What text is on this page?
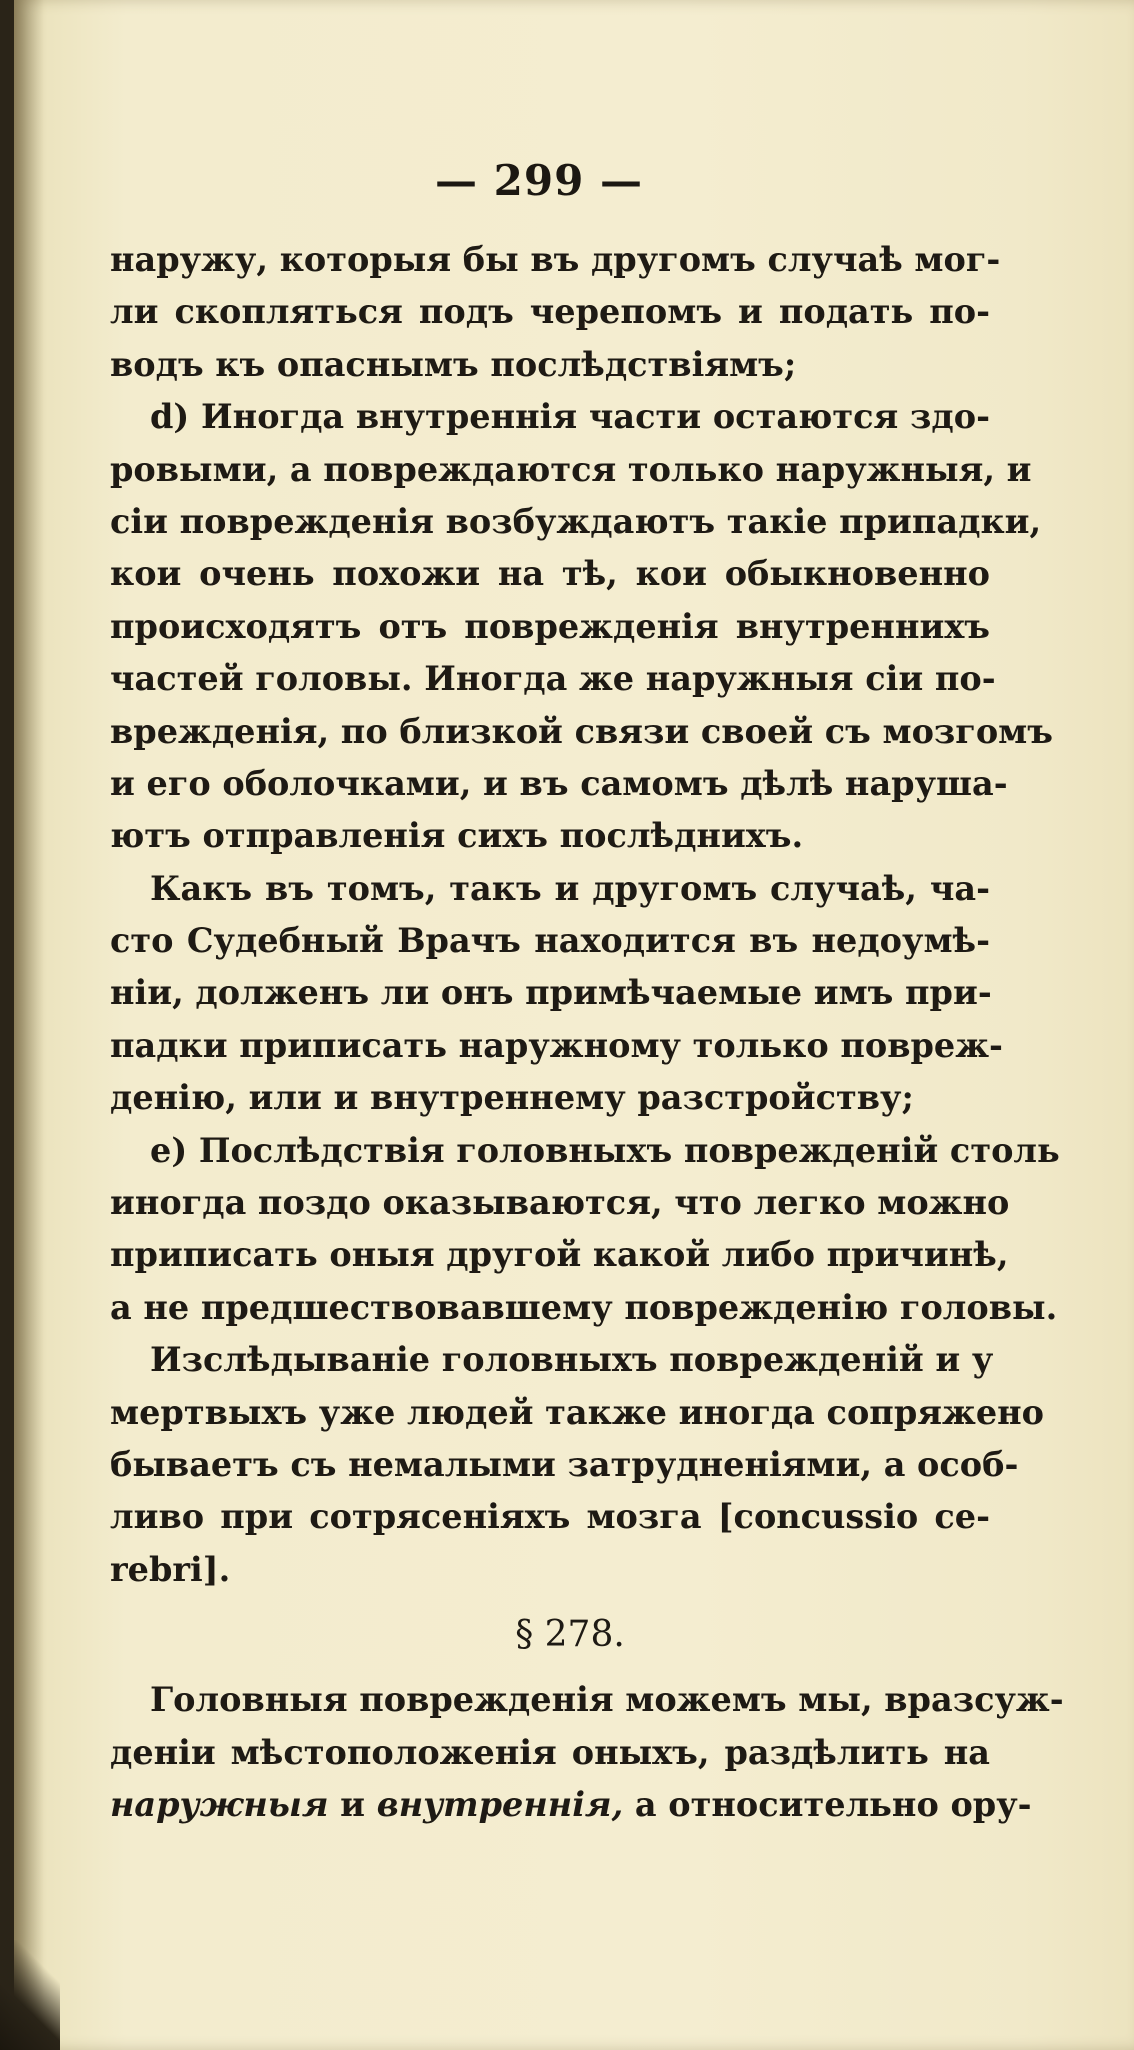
— 299 —
наружу, которыя бы въ другомъ случаѣ мог-
ли скопляться подъ черепомъ и подать по-
водъ къ опаснымъ послѣдствіямъ;
d) Иногда внутреннія части остаются здо-
ровыми, а повреждаются только наружныя, и
сіи поврежденія возбуждаютъ такіе припадки,
кои очень похожи на тѣ, кои обыкновенно
происходятъ отъ поврежденія внутреннихъ
частей головы. Иногда же наружныя сіи по-
врежденія, по близкой связи своей съ мозгомъ
и его оболочками, и въ самомъ дѣлѣ наруша-
ютъ отправленія сихъ послѣднихъ.
Какъ въ томъ, такъ и другомъ случаѣ, ча-
сто Судебный Врачъ находится въ недоумѣ-
ніи, долженъ ли онъ примѣчаемые имъ при-
падки приписать наружному только повреж-
денію, или и внутреннему разстройству;
e) Послѣдствія головныхъ поврежденій столь
иногда поздо оказываются, что легко можно
приписать оныя другой какой либо причинѣ,
а не предшествовавшему поврежденію головы.
Изслѣдываніе головныхъ поврежденій и у
мертвыхъ уже людей также иногда сопряжено
бываетъ съ немалыми затрудненіями, а особ-
ливо при сотрясеніяхъ мозга [concussio ce-
rebri].
§ 278.
Головныя поврежденія можемъ мы, вразсуж-
деніи мѣстоположенія оныхъ, раздѣлить на
наружныя и внутреннія, а относительно ору-
